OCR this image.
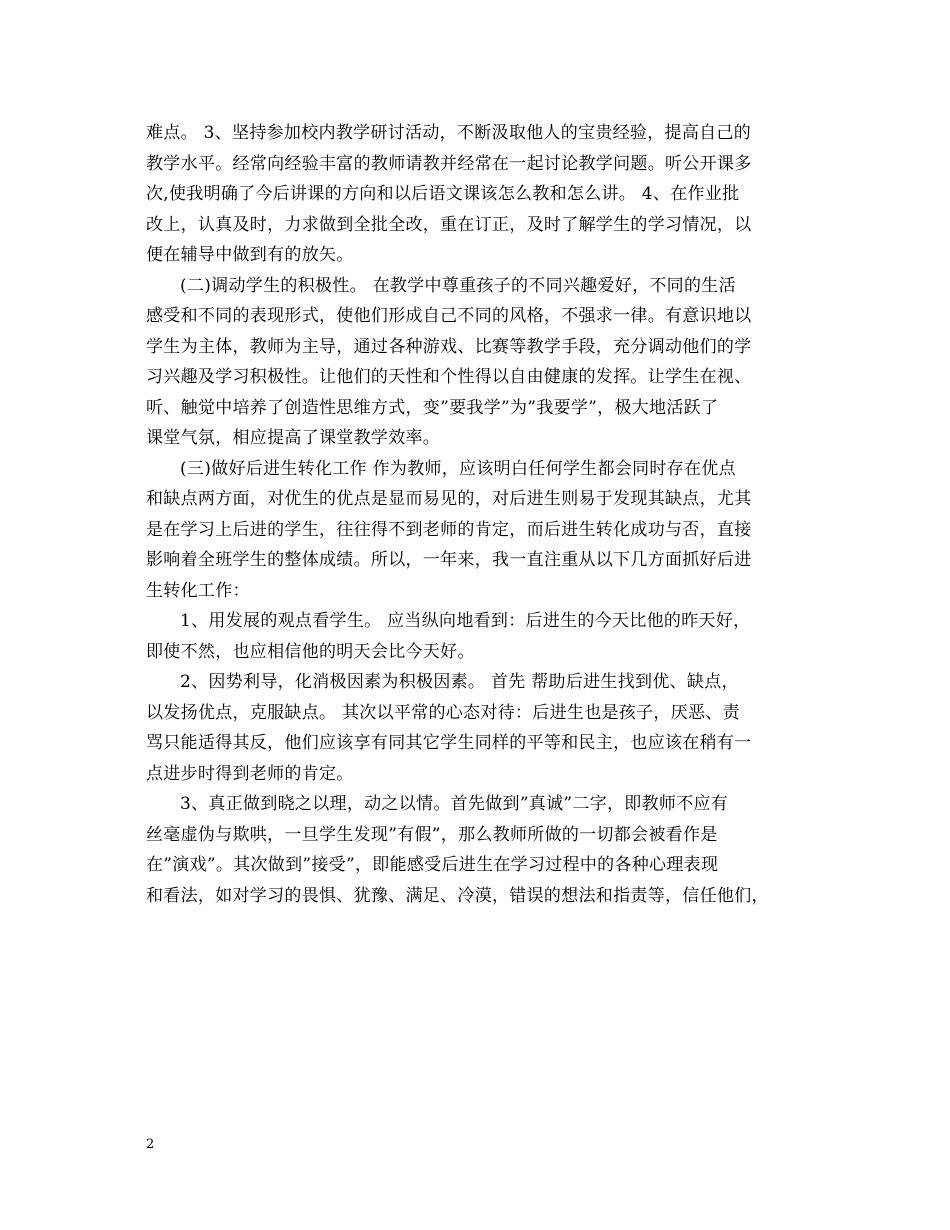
难点。 3、坚持参加校内教学研讨活动，不断汲取他人的宝贵经验，提高自己的
教学水平。经常向经验丰富的教师请教并经常在一起讨论教学问题。听公开课多
次,使我明确了今后讲课的方向和以后语文课该怎么教和怎么讲。 4、在作业批
改上，认真及时，力求做到全批全改，重在订正，及时了解学生的学习情况，以
便在辅导中做到有的放矢。

(二)调动学生的积极性。 在教学中尊重孩子的不同兴趣爱好，不同的生活
感受和不同的表现形式，使他们形成自己不同的风格，不强求一律。有意识地以
学生为主体，教师为主导，通过各种游戏、比赛等教学手段，充分调动他们的学
习兴趣及学习积极性。让他们的天性和个性得以自由健康的发挥。让学生在视、
听、触觉中培养了创造性思维方式，变”要我学”为”我要学”，极大地活跃了
课堂气氛，相应提高了课堂教学效率。

(三)做好后进生转化工作 作为教师，应该明白任何学生都会同时存在优点
和缺点两方面，对优生的优点是显而易见的，对后进生则易于发现其缺点，尤其
是在学习上后进的学生，往往得不到老师的肯定，而后进生转化成功与否，直接
影响着全班学生的整体成绩。所以，一年来，我一直注重从以下几方面抓好后进
生转化工作：

1、用发展的观点看学生。 应当纵向地看到：后进生的今天比他的昨天好，
即使不然，也应相信他的明天会比今天好。

2、因势利导，化消极因素为积极因素。 首先 帮助后进生找到优、缺点，
以发扬优点，克服缺点。 其次以平常的心态对待：后进生也是孩子，厌恶、责
骂只能适得其反，他们应该享有同其它学生同样的平等和民主，也应该在稍有一
点进步时得到老师的肯定。

3、真正做到晓之以理，动之以情。首先做到”真诚”二字，即教师不应有
丝毫虚伪与欺哄，一旦学生发现”有假”，那么教师所做的一切都会被看作是
在”演戏”。其次做到”接受”，即能感受后进生在学习过程中的各种心理表现
和看法，如对学习的畏惧、犹豫、满足、冷漠，错误的想法和指责等，信任他们，

2
